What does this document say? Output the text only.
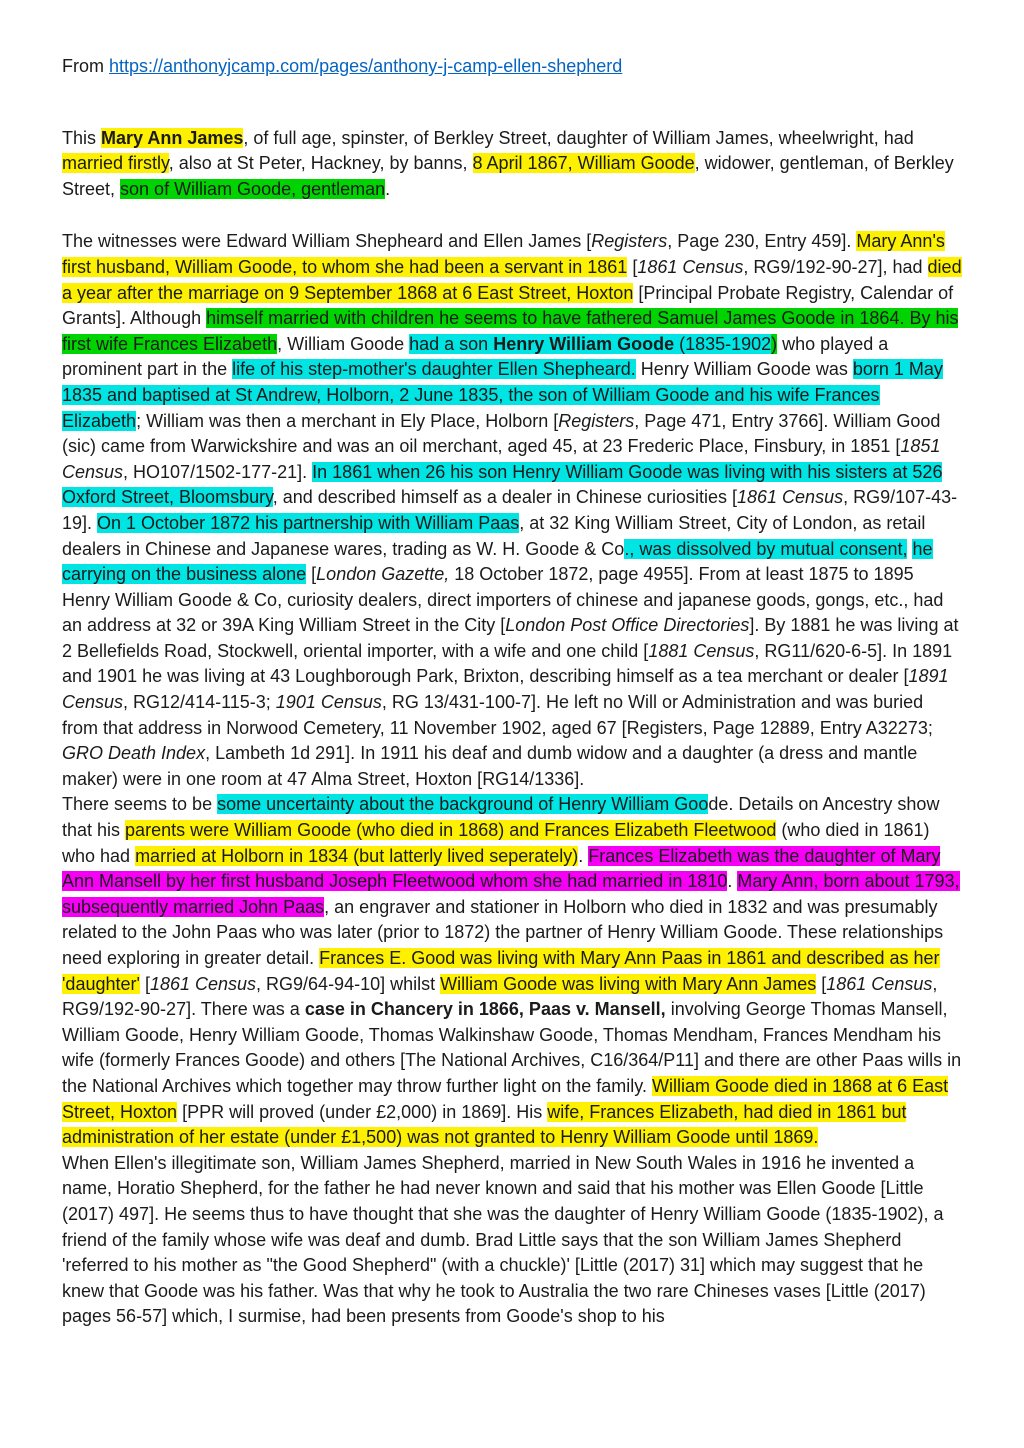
From https://anthonyjcamp.com/pages/anthony-j-camp-ellen-shepherd

This Mary Ann James, of full age, spinster, of Berkley Street, daughter of William James, wheelwright, had married firstly, also at St Peter, Hackney, by banns, 8 April 1867, William Goode, widower, gentleman, of Berkley Street, son of William Goode, gentleman.

The witnesses were Edward William Shepheard and Ellen James [Registers, Page 230, Entry 459]. Mary Ann's first husband, William Goode, to whom she had been a servant in 1861 [1861 Census, RG9/192-90-27], had died a year after the marriage on 9 September 1868 at 6 East Street, Hoxton [Principal Probate Registry, Calendar of Grants]. Although himself married with children he seems to have fathered Samuel James Goode in 1864. By his first wife Frances Elizabeth, William Goode had a son Henry William Goode (1835-1902) who played a prominent part in the life of his step-mother's daughter Ellen Shepheard. Henry William Goode was born 1 May 1835 and baptised at St Andrew, Holborn, 2 June 1835, the son of William Goode and his wife Frances Elizabeth; William was then a merchant in Ely Place, Holborn [Registers, Page 471, Entry 3766]. William Good (sic) came from Warwickshire and was an oil merchant, aged 45, at 23 Frederic Place, Finsbury, in 1851 [1851 Census, HO107/1502-177-21]. In 1861 when 26 his son Henry William Goode was living with his sisters at 526 Oxford Street, Bloomsbury, and described himself as a dealer in Chinese curiosities [1861 Census, RG9/107-43-19]. On 1 October 1872 his partnership with William Paas, at 32 King William Street, City of London, as retail dealers in Chinese and Japanese wares, trading as W. H. Goode & Co., was dissolved by mutual consent, he carrying on the business alone [London Gazette, 18 October 1872, page 4955]. From at least 1875 to 1895 Henry William Goode & Co, curiosity dealers, direct importers of chinese and japanese goods, gongs, etc., had an address at 32 or 39A King William Street in the City [London Post Office Directories]. By 1881 he was living at 2 Bellefields Road, Stockwell, oriental importer, with a wife and one child [1881 Census, RG11/620-6-5]. In 1891 and 1901 he was living at 43 Loughborough Park, Brixton, describing himself as a tea merchant or dealer [1891 Census, RG12/414-115-3; 1901 Census, RG 13/431-100-7]. He left no Will or Administration and was buried from that address in Norwood Cemetery, 11 November 1902, aged 67 [Registers, Page 12889, Entry A32273; GRO Death Index, Lambeth 1d 291]. In 1911 his deaf and dumb widow and a daughter (a dress and mantle maker) were in one room at 47 Alma Street, Hoxton [RG14/1336].

There seems to be some uncertainty about the background of Henry William Goode. Details on Ancestry show that his parents were William Goode (who died in 1868) and Frances Elizabeth Fleetwood (who died in 1861) who had married at Holborn in 1834 (but latterly lived seperately). Frances Elizabeth was the daughter of Mary Ann Mansell by her first husband Joseph Fleetwood whom she had married in 1810. Mary Ann, born about 1793, subsequently married John Paas, an engraver and stationer in Holborn who died in 1832 and was presumably related to the John Paas who was later (prior to 1872) the partner of Henry William Goode. These relationships need exploring in greater detail. Frances E. Good was living with Mary Ann Paas in 1861 and described as her 'daughter' [1861 Census, RG9/64-94-10] whilst William Goode was living with Mary Ann James [1861 Census, RG9/192-90-27]. There was a case in Chancery in 1866, Paas v. Mansell, involving George Thomas Mansell, William Goode, Henry William Goode, Thomas Walkinshaw Goode, Thomas Mendham, Frances Mendham his wife (formerly Frances Goode) and others [The National Archives, C16/364/P11] and there are other Paas wills in the National Archives which together may throw further light on the family. William Goode died in 1868 at 6 East Street, Hoxton [PPR will proved (under £2,000) in 1869]. His wife, Frances Elizabeth, had died in 1861 but administration of her estate (under £1,500) was not granted to Henry William Goode until 1869.

When Ellen's illegitimate son, William James Shepherd, married in New South Wales in 1916 he invented a name, Horatio Shepherd, for the father he had never known and said that his mother was Ellen Goode [Little (2017) 497]. He seems thus to have thought that she was the daughter of Henry William Goode (1835-1902), a friend of the family whose wife was deaf and dumb. Brad Little says that the son William James Shepherd 'referred to his mother as "the Good Shepherd" (with a chuckle)' [Little (2017) 31] which may suggest that he knew that Goode was his father. Was that why he took to Australia the two rare Chineses vases [Little (2017) pages 56-57] which, I surmise, had been presents from Goode's shop to his
